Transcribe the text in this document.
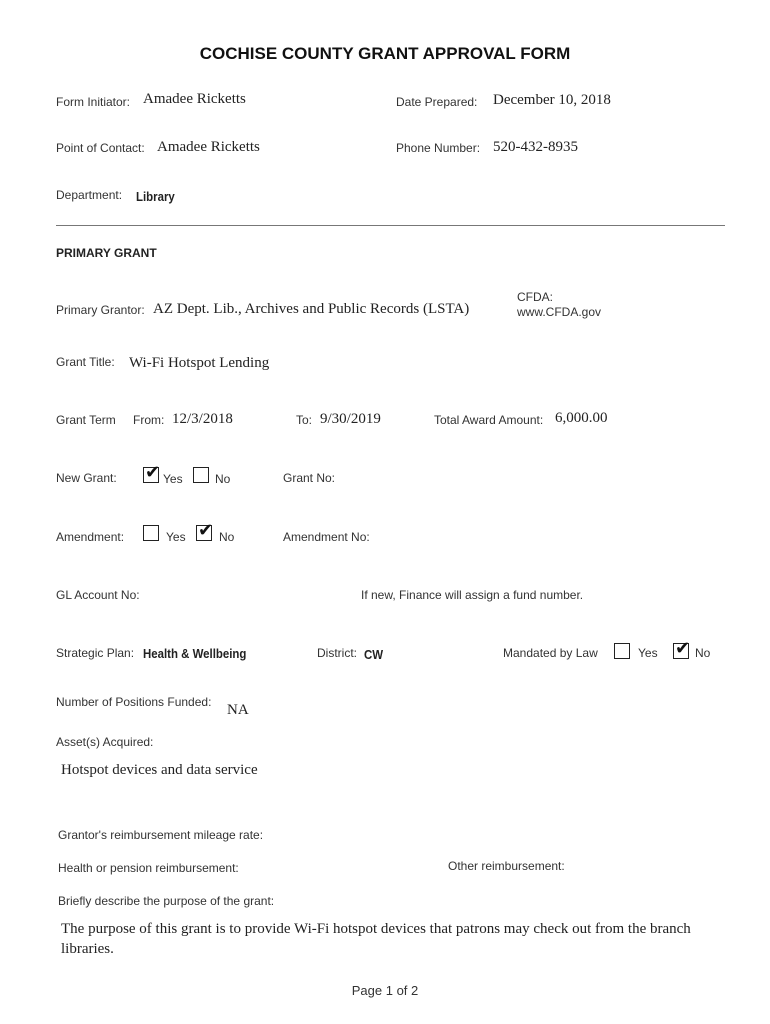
COCHISE COUNTY GRANT APPROVAL FORM
Form Initiator: Amadee Ricketts	Date Prepared: December 10, 2018
Point of Contact: Amadee Ricketts	Phone Number: 520-432-8935
Department: Library
PRIMARY GRANT
Primary Grantor: AZ Dept. Lib., Archives and Public Records (LSTA)
CFDA:
www.CFDA.gov
Grant Title: Wi-Fi Hotspot Lending
Grant Term From: 12/3/2018	To: 9/30/2019	Total Award Amount: 6,000.00
New Grant: ✔ Yes	No	Grant No:
Amendment:	Yes ✔ No	Amendment No:
GL Account No:	If new, Finance will assign a fund number.
Strategic Plan: Health & Wellbeing	District: CW	Mandated by Law	Yes ✔ No
Number of Positions Funded: NA
Asset(s) Acquired:
Hotspot devices and data service
Grantor's reimbursement mileage rate:
Health or pension reimbursement:	Other reimbursement:
Briefly describe the purpose of the grant:
The purpose of this grant is to provide Wi-Fi hotspot devices that patrons may check out from the branch libraries.
Page 1 of 2
